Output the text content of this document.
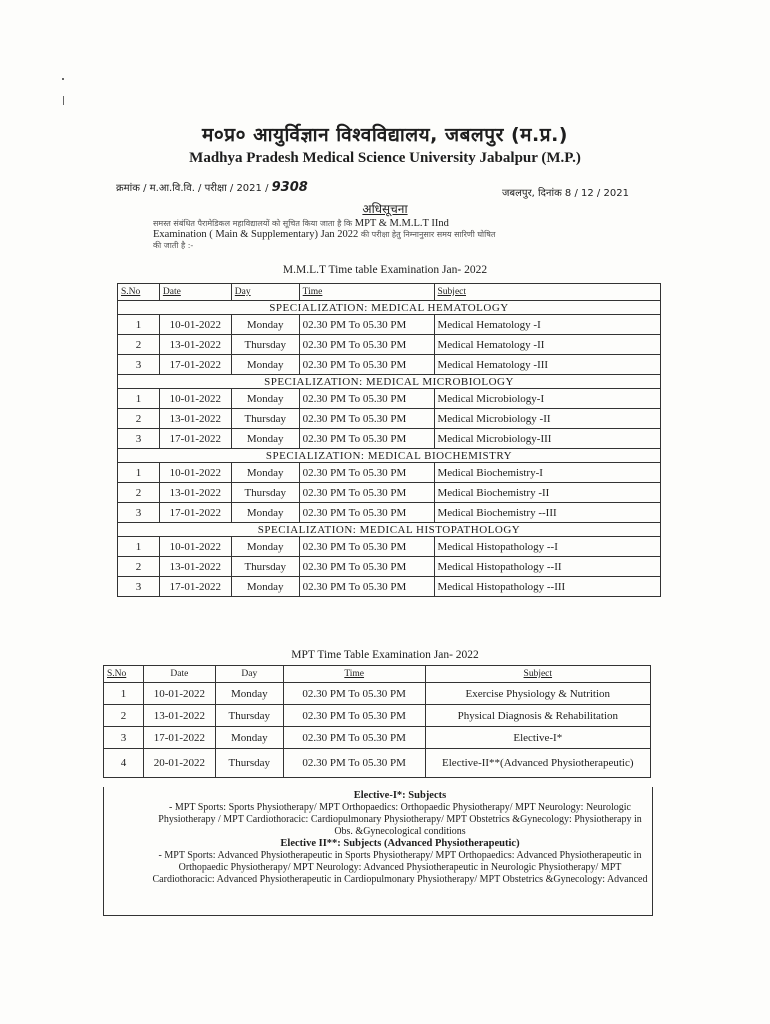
म०प्र० आयुर्विज्ञान विश्वविद्यालय, जबलपुर (म.प्र.)
Madhya Pradesh Medical Science University Jabalpur (M.P.)
क्रमांक / म.आ.वि.वि. / परीक्षा / 2021 / 9308	जबलपुर, दिनांक 8 / 12 / 2021
अधिसूचना
समस्त संबंधित पैरामेडिकल महाविद्यालयों को सूचित किया जाता है कि MPT & M.M.L.T IInd
Examination ( Main & Supplementary) Jan 2022 की परीक्षा हेतु निम्नानुसार समय सारिणी घोषित
की जाती है :-
M.M.L.T Time table Examination Jan- 2022
S.No	Date	Day	Time	Subject
SPECIALIZATION: MEDICAL HEMATOLOGY				
1	10-01-2022	Monday	02.30 PM To 05.30 PM	Medical Hematology -I
2	13-01-2022	Thursday	02.30 PM To 05.30 PM	Medical Hematology -II
3	17-01-2022	Monday	02.30 PM To 05.30 PM	Medical Hematology -III
SPECIALIZATION: MEDICAL MICROBIOLOGY				
1	10-01-2022	Monday	02.30 PM To 05.30 PM	Medical Microbiology-I
2	13-01-2022	Thursday	02.30 PM To 05.30 PM	Medical Microbiology -II
3	17-01-2022	Monday	02.30 PM To 05.30 PM	Medical Microbiology-III
SPECIALIZATION: MEDICAL BIOCHEMISTRY				
1	10-01-2022	Monday	02.30 PM To 05.30 PM	Medical Biochemistry-I
2	13-01-2022	Thursday	02.30 PM To 05.30 PM	Medical Biochemistry -II
3	17-01-2022	Monday	02.30 PM To 05.30 PM	Medical Biochemistry --III
SPECIALIZATION: MEDICAL HISTOPATHOLOGY				
1	10-01-2022	Monday	02.30 PM To 05.30 PM	Medical Histopathology --I
2	13-01-2022	Thursday	02.30 PM To 05.30 PM	Medical Histopathology --II
3	17-01-2022	Monday	02.30 PM To 05.30 PM	Medical Histopathology --III
MPT Time Table Examination Jan- 2022
S.No	Date	Day	Time	Subject
1	10-01-2022	Monday	02.30 PM To 05.30 PM	Exercise Physiology & Nutrition
2	13-01-2022	Thursday	02.30 PM To 05.30 PM	Physical Diagnosis & Rehabilitation
3	17-01-2022	Monday	02.30 PM To 05.30 PM	Elective-I*
4	20-01-2022	Thursday	02.30 PM To 05.30 PM	Elective-II**(Advanced Physiotherapeutic)
Elective-I*: Subjects
- MPT Sports: Sports Physiotherapy/ MPT Orthopaedics: Orthopaedic Physiotherapy/ MPT Neurology: Neurologic Physiotherapy / MPT Cardiothoracic: Cardiopulmonary Physiotherapy/ MPT Obstetrics &Gynecology: Physiotherapy in Obs. &Gynecological conditions
Elective II**: Subjects (Advanced Physiotherapeutic)
- MPT Sports: Advanced Physiotherapeutic in Sports Physiotherapy/ MPT Orthopaedics: Advanced Physiotherapeutic in Orthopaedic Physiotherapy/ MPT Neurology: Advanced Physiotherapeutic in Neurologic Physiotherapy/ MPT Cardiothoracic: Advanced Physiotherapeutic in Cardiopulmonary Physiotherapy/ MPT Obstetrics &Gynecology: Advanced
